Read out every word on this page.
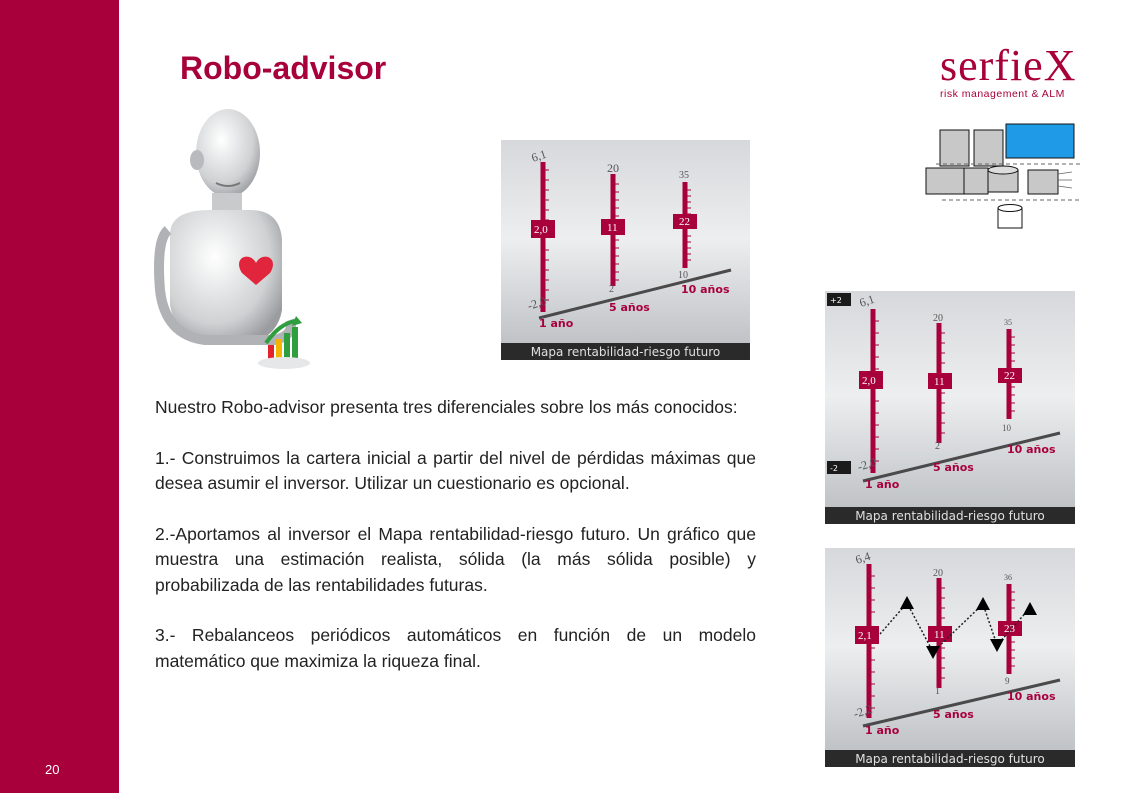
20
Robo-advisor	serfieX
risk management & ALM

Nuestro Robo-advisor presenta tres diferenciales sobre los más conocidos:

1.- Construimos la cartera inicial a partir del nivel de pérdidas máximas que desea asumir el inversor. Utilizar un cuestionario es opcional.

2.-Aportamos al inversor el Mapa rentabilidad-riesgo futuro. Un gráfico que muestra una estimación realista, sólida (la más sólida posible) y probabilizada de las rentabilidades futuras.

3.- Rebalanceos periódicos automáticos en función de un modelo matemático que maximiza la riqueza final.

6,1
-2,0
20
2
35
10
2,0	11	22
1 año
5 años
10 años
Mapa rentabilidad-riesgo futuro
+2
-2
6,1
-2,0
20
2
35
10
2,0	11	22
1 año
5 años
10 años
Mapa rentabilidad-riesgo futuro
6,4
-2,2
20
1
36
9
2,1	11	23
1 año
5 años
10 años
Mapa rentabilidad-riesgo futuro
